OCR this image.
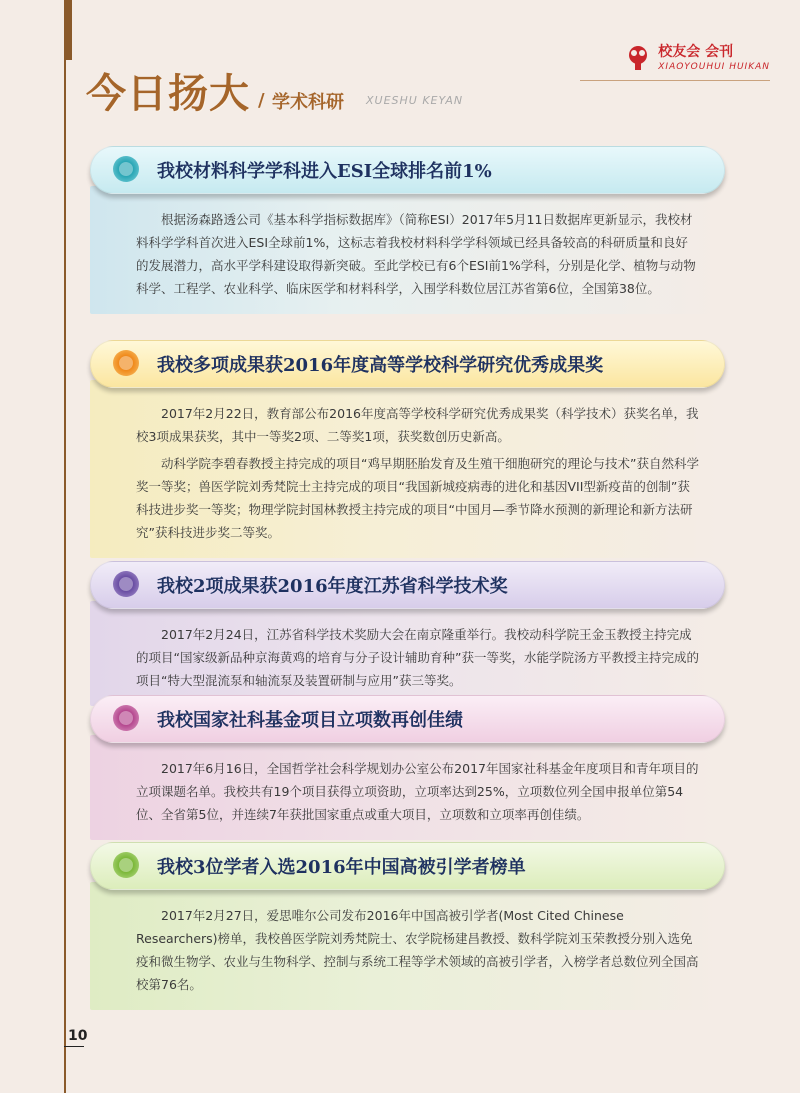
今日扬大 / 学术科研 XUESHU KEYAN
校友会 会刊
XIAOYOUHUI HUIKAN
我校材料科学学科进入ESI全球排名前1%

根据汤森路透公司《基本科学指标数据库》（简称ESI）2017年5月11日数据库更新显示，我校材料科学学科首次进入ESI全球前1%，这标志着我校材料科学学科领域已经具备较高的科研质量和良好的发展潜力，高水平学科建设取得新突破。至此学校已有6个ESI前1%学科，分别是化学、植物与动物科学、工程学、农业科学、临床医学和材料科学，入围学科数位居江苏省第6位，全国第38位。

我校多项成果获2016年度高等学校科学研究优秀成果奖

2017年2月22日，教育部公布2016年度高等学校科学研究优秀成果奖（科学技术）获奖名单，我校3项成果获奖，其中一等奖2项、二等奖1项，获奖数创历史新高。

动科学院李碧春教授主持完成的项目“鸡早期胚胎发育及生殖干细胞研究的理论与技术”获自然科学奖一等奖；兽医学院刘秀梵院士主持完成的项目“我国新城疫病毒的进化和基因VII型新疫苗的创制”获科技进步奖一等奖；物理学院封国林教授主持完成的项目“中国月—季节降水预测的新理论和新方法研究”获科技进步奖二等奖。

我校2项成果获2016年度江苏省科学技术奖

2017年2月24日，江苏省科学技术奖励大会在南京隆重举行。我校动科学院王金玉教授主持完成的项目“国家级新品种京海黄鸡的培育与分子设计辅助育种”获一等奖，水能学院汤方平教授主持完成的项目“特大型混流泵和轴流泵及装置研制与应用”获三等奖。

我校国家社科基金项目立项数再创佳绩

2017年6月16日，全国哲学社会科学规划办公室公布2017年国家社科基金年度项目和青年项目的立项课题名单。我校共有19个项目获得立项资助，立项率达到25%，立项数位列全国申报单位第54位、全省第5位，并连续7年获批国家重点或重大项目，立项数和立项率再创佳绩。

我校3位学者入选2016年中国高被引学者榜单

2017年2月27日，爱思唯尔公司发布2016年中国高被引学者(Most Cited Chinese Researchers)榜单，我校兽医学院刘秀梵院士、农学院杨建昌教授、数科学院刘玉荣教授分别入选免疫和微生物学、农业与生物科学、控制与系统工程等学术领域的高被引学者，入榜学者总数位列全国高校第76名。

10
